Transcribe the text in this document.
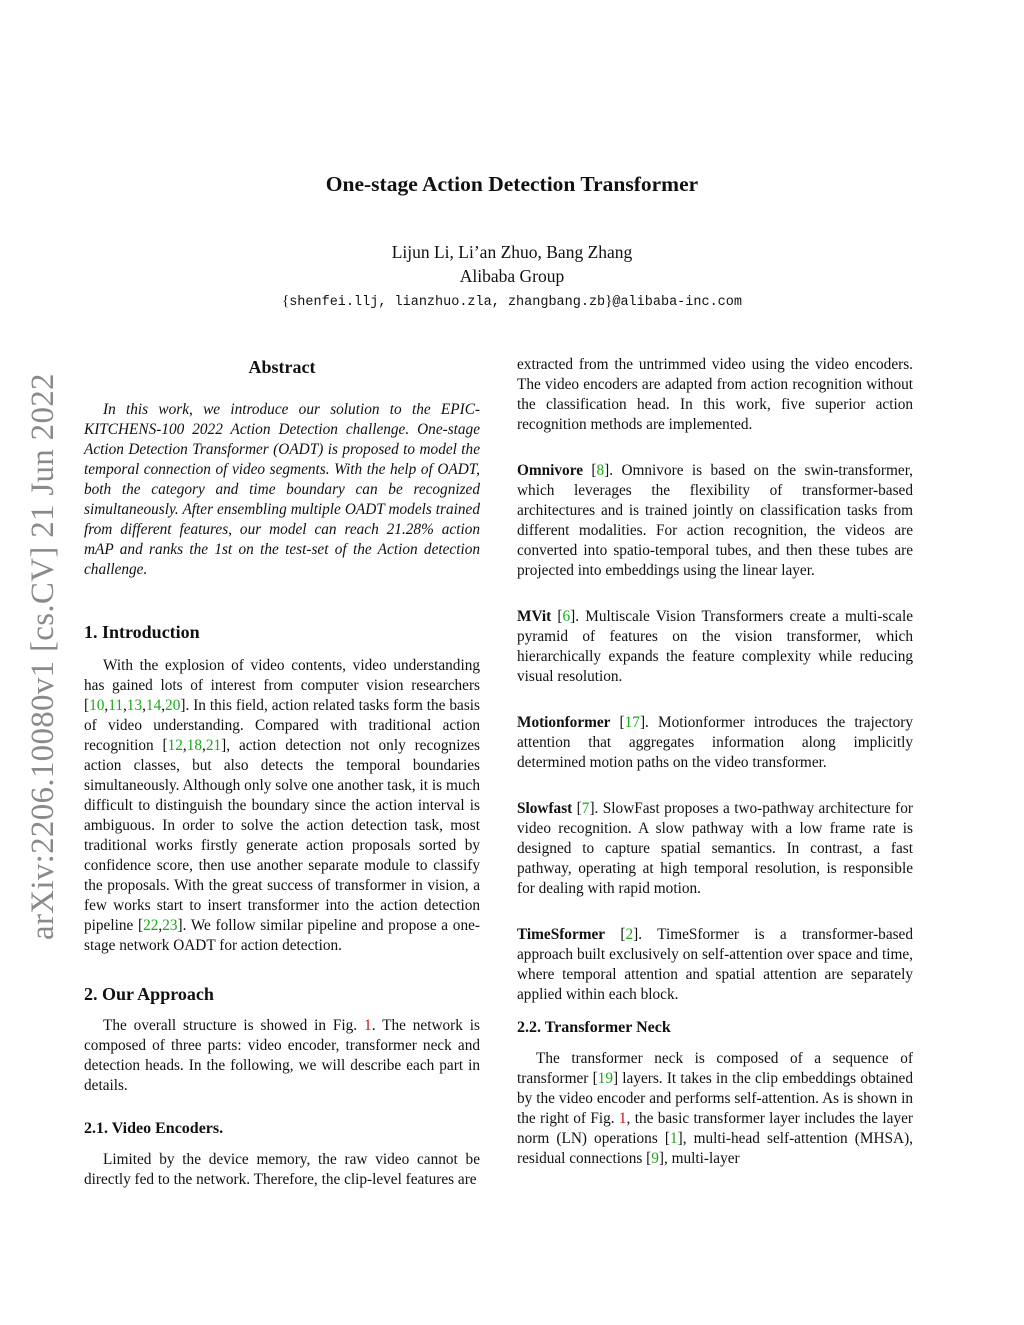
One-stage Action Detection Transformer
Lijun Li, Li’an Zhuo, Bang Zhang
Alibaba Group
{shenfei.llj, lianzhuo.zla, zhangbang.zb}@alibaba-inc.com
arXiv:2206.10080v1 [cs.CV] 21 Jun 2022
Abstract

In this work, we introduce our solution to the EPIC-KITCHENS-100 2022 Action Detection challenge. One-stage Action Detection Transformer (OADT) is proposed to model the temporal connection of video segments. With the help of OADT, both the category and time boundary can be recognized simultaneously. After ensembling multiple OADT models trained from different features, our model can reach 21.28% action mAP and ranks the 1st on the test-set of the Action detection challenge.

1. Introduction

With the explosion of video contents, video understanding has gained lots of interest from computer vision researchers [10,11,13,14,20]. In this field, action related tasks form the basis of video understanding. Compared with traditional action recognition [12,18,21], action detection not only recognizes action classes, but also detects the temporal boundaries simultaneously. Although only solve one another task, it is much difficult to distinguish the boundary since the action interval is ambiguous. In order to solve the action detection task, most traditional works firstly generate action proposals sorted by confidence score, then use another separate module to classify the proposals. With the great success of transformer in vision, a few works start to insert transformer into the action detection pipeline [22,23]. We follow similar pipeline and propose a one-stage network OADT for action detection.

2. Our Approach

The overall structure is showed in Fig. 1. The network is composed of three parts: video encoder, transformer neck and detection heads. In the following, we will describe each part in details.

2.1. Video Encoders.

Limited by the device memory, the raw video cannot be directly fed to the network. Therefore, the clip-level features are

extracted from the untrimmed video using the video encoders. The video encoders are adapted from action recognition without the classification head. In this work, five superior action recognition methods are implemented.

Omnivore [8]. Omnivore is based on the swin-transformer, which leverages the flexibility of transformer-based architectures and is trained jointly on classification tasks from different modalities. For action recognition, the videos are converted into spatio-temporal tubes, and then these tubes are projected into embeddings using the linear layer.

MVit [6]. Multiscale Vision Transformers create a multi-scale pyramid of features on the vision transformer, which hierarchically expands the feature complexity while reducing visual resolution.

Motionformer [17]. Motionformer introduces the trajectory attention that aggregates information along implicitly determined motion paths on the video transformer.

Slowfast [7]. SlowFast proposes a two-pathway architecture for video recognition. A slow pathway with a low frame rate is designed to capture spatial semantics. In contrast, a fast pathway, operating at high temporal resolution, is responsible for dealing with rapid motion.

TimeSformer [2]. TimeSformer is a transformer-based approach built exclusively on self-attention over space and time, where temporal attention and spatial attention are separately applied within each block.

2.2. Transformer Neck

The transformer neck is composed of a sequence of transformer [19] layers. It takes in the clip embeddings obtained by the video encoder and performs self-attention. As is shown in the right of Fig. 1, the basic transformer layer includes the layer norm (LN) operations [1], multi-head self-attention (MHSA), residual connections [9], multi-layer
